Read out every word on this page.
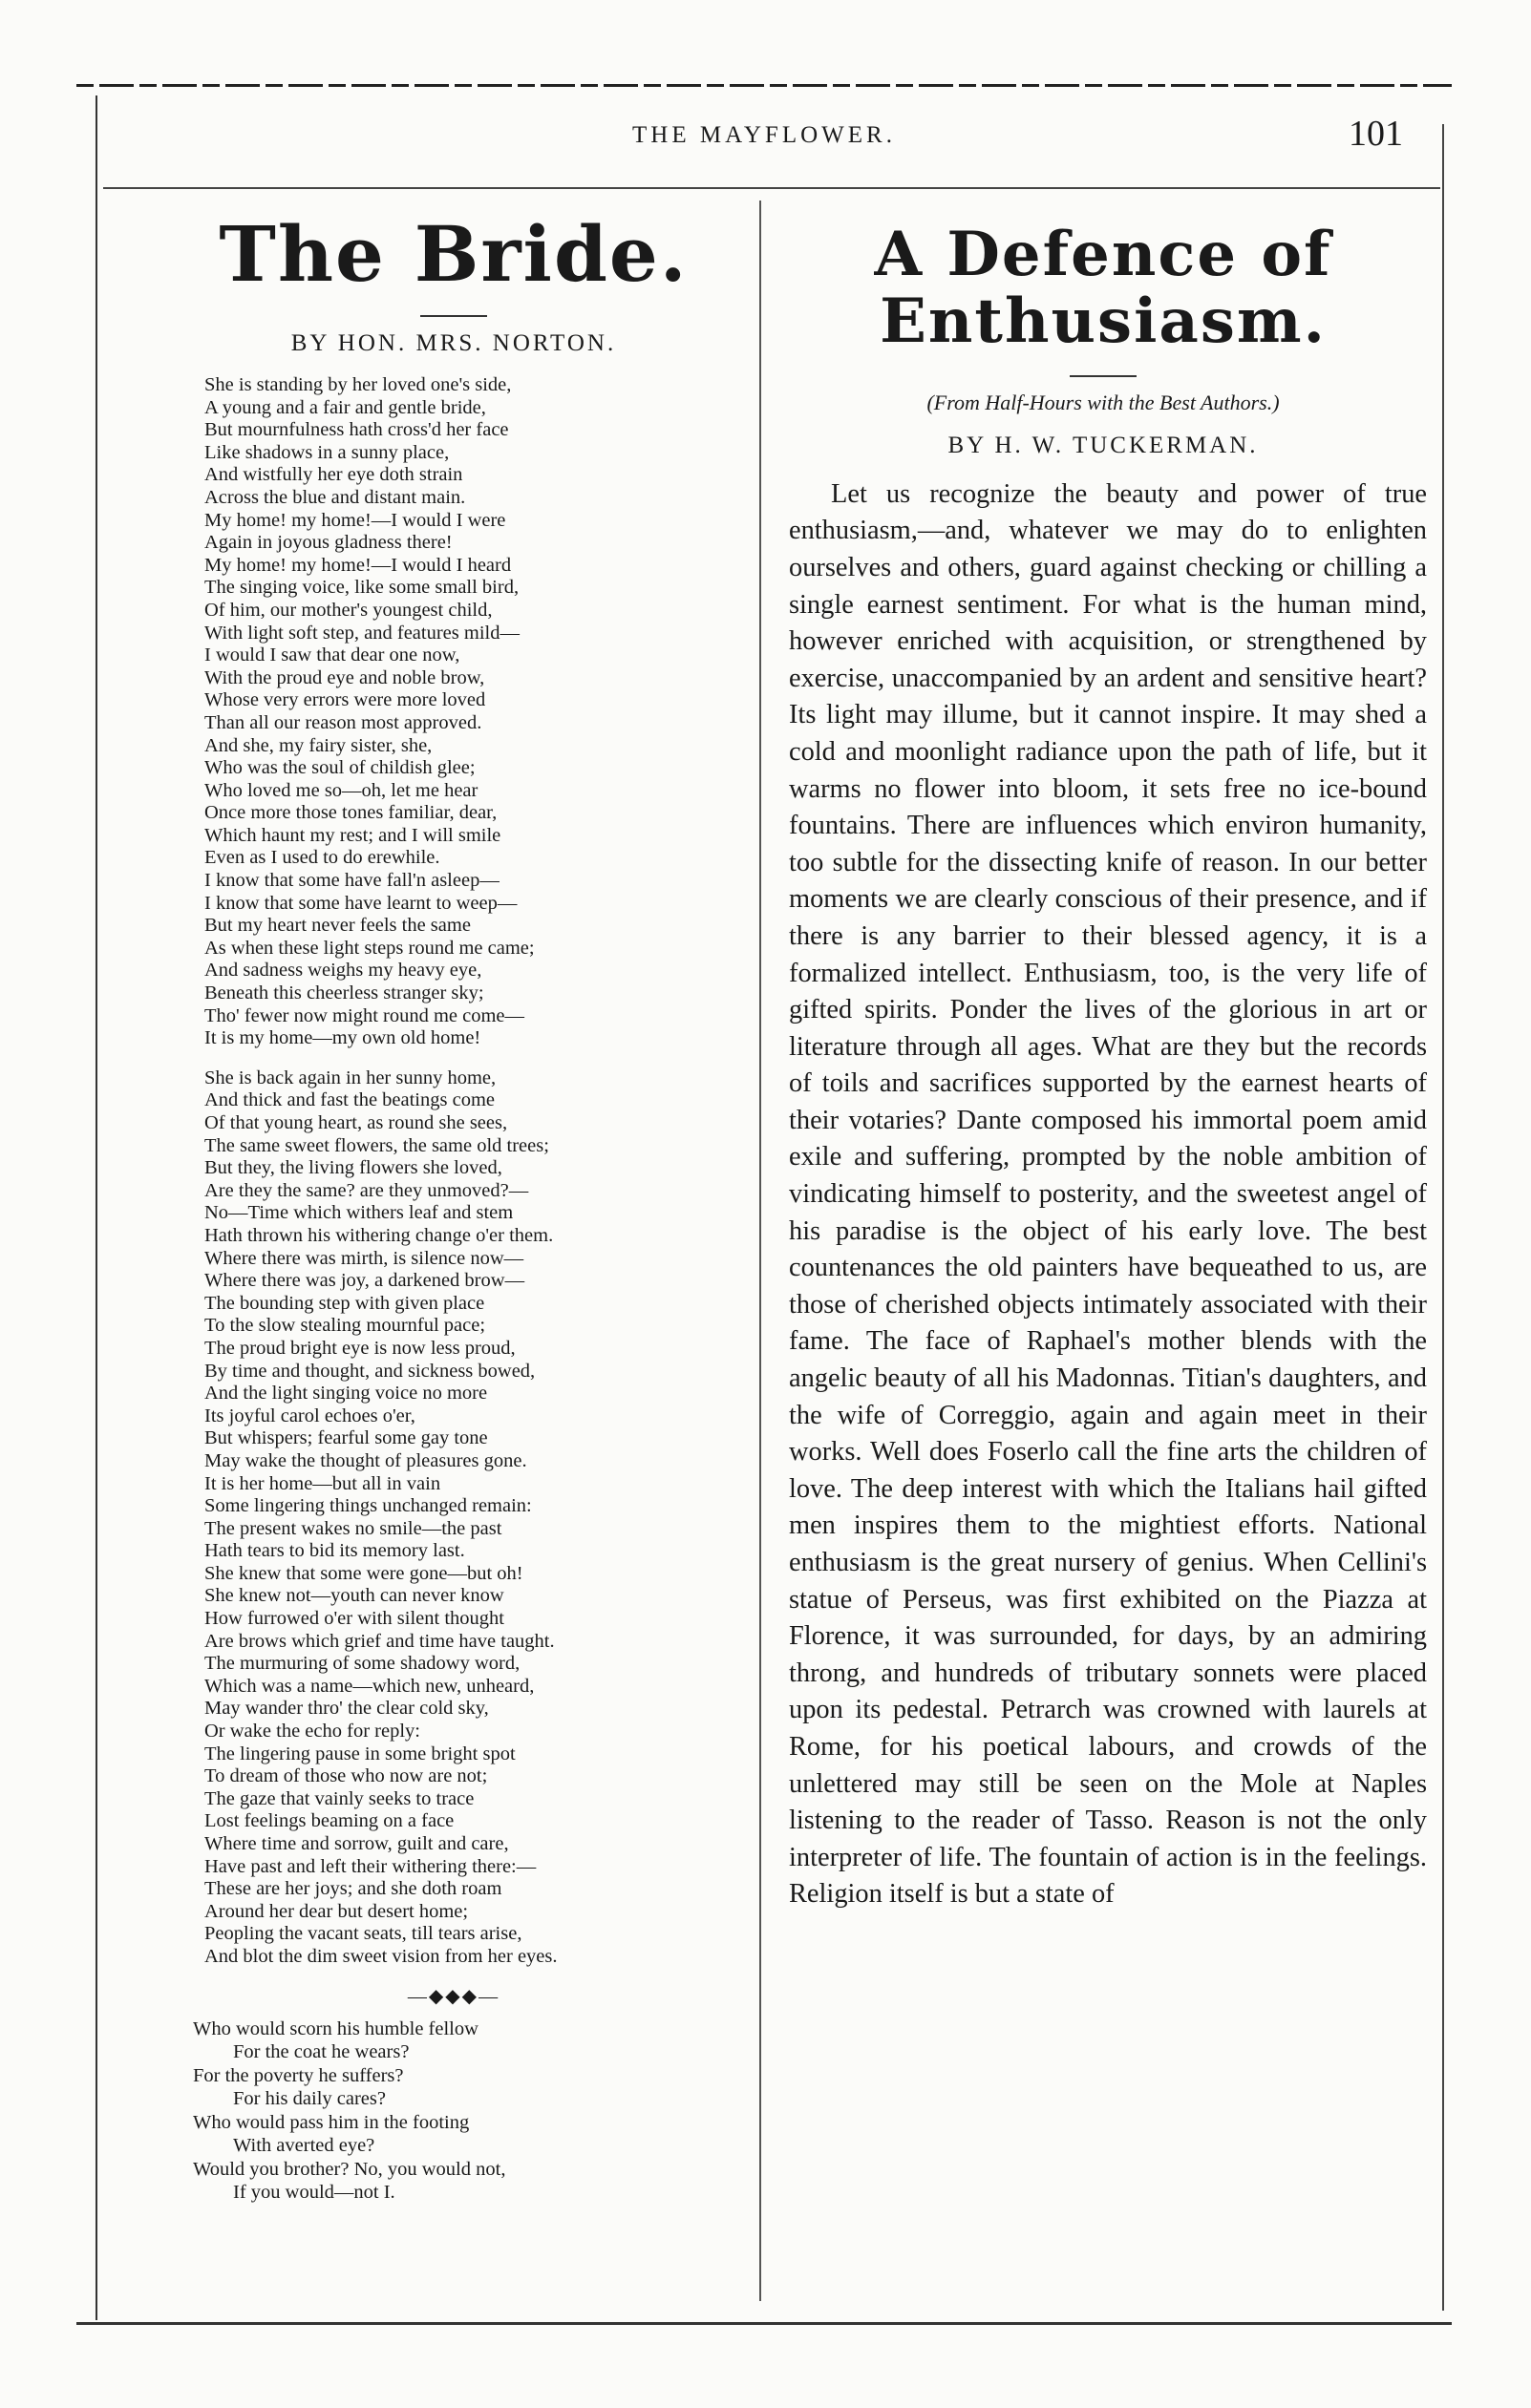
THE MAYFLOWER.	101
The Bride.
BY HON. MRS. NORTON.
She is standing by her loved one's side,
A young and a fair and gentle bride,
But mournfulness hath cross'd her face
Like shadows in a sunny place,
And wistfully her eye doth strain
Across the blue and distant main.
My home! my home!—I would I were
Again in joyous gladness there!
My home! my home!—I would I heard
The singing voice, like some small bird,
Of him, our mother's youngest child,
With light soft step, and features mild—
I would I saw that dear one now,
With the proud eye and noble brow,
Whose very errors were more loved
Than all our reason most approved.
And she, my fairy sister, she,
Who was the soul of childish glee;
Who loved me so—oh, let me hear
Once more those tones familiar, dear,
Which haunt my rest; and I will smile
Even as I used to do erewhile.
I know that some have fall'n asleep—
I know that some have learnt to weep—
But my heart never feels the same
As when these light steps round me came;
And sadness weighs my heavy eye,
Beneath this cheerless stranger sky;
Tho' fewer now might round me come—
It is my home—my own old home!
She is back again in her sunny home,
And thick and fast the beatings come
Of that young heart, as round she sees,
The same sweet flowers, the same old trees;
But they, the living flowers she loved,
Are they the same? are they unmoved?—
No—Time which withers leaf and stem
Hath thrown his withering change o'er them.
Where there was mirth, is silence now—
Where there was joy, a darkened brow—
The bounding step with given place
To the slow stealing mournful pace;
The proud bright eye is now less proud,
By time and thought, and sickness bowed,
And the light singing voice no more
Its joyful carol echoes o'er,
But whispers; fearful some gay tone
May wake the thought of pleasures gone.
It is her home—but all in vain
Some lingering things unchanged remain:
The present wakes no smile—the past
Hath tears to bid its memory last.
She knew that some were gone—but oh!
She knew not—youth can never know
How furrowed o'er with silent thought
Are brows which grief and time have taught.
The murmuring of some shadowy word,
Which was a name—which new, unheard,
May wander thro' the clear cold sky,
Or wake the echo for reply:
The lingering pause in some bright spot
To dream of those who now are not;
The gaze that vainly seeks to trace
Lost feelings beaming on a face
Where time and sorrow, guilt and care,
Have past and left their withering there:—
These are her joys; and she doth roam
Around her dear but desert home;
Peopling the vacant seats, till tears arise,
And blot the dim sweet vision from her eyes.
—◆◆◆—
Who would scorn his humble fellow
For the coat he wears?
For the poverty he suffers?
For his daily cares?
Who would pass him in the footing
With averted eye?
Would you brother? No, you would not,
If you would—not I.
A Defence of Enthusiasm.
(From Half-Hours with the Best Authors.)
BY H. W. TUCKERMAN.

Let us recognize the beauty and power of true enthusiasm,—and, whatever we may do to enlighten ourselves and others, guard against checking or chilling a single earnest sentiment. For what is the human mind, however enriched with acquisition, or strengthened by exercise, unaccompanied by an ardent and sensitive heart? Its light may illume, but it cannot inspire. It may shed a cold and moonlight radiance upon the path of life, but it warms no flower into bloom, it sets free no ice-bound fountains. There are influences which environ humanity, too subtle for the dissecting knife of reason. In our better moments we are clearly conscious of their presence, and if there is any barrier to their blessed agency, it is a formalized intellect. Enthusiasm, too, is the very life of gifted spirits. Ponder the lives of the glorious in art or literature through all ages. What are they but the records of toils and sacrifices supported by the earnest hearts of their votaries? Dante composed his immortal poem amid exile and suffering, prompted by the noble ambition of vindicating himself to posterity, and the sweetest angel of his paradise is the object of his early love. The best countenances the old painters have bequeathed to us, are those of cherished objects intimately associated with their fame. The face of Raphael's mother blends with the angelic beauty of all his Madonnas. Titian's daughters, and the wife of Correggio, again and again meet in their works. Well does Foserlo call the fine arts the children of love. The deep interest with which the Italians hail gifted men inspires them to the mightiest efforts. National enthusiasm is the great nursery of genius. When Cellini's statue of Perseus, was first exhibited on the Piazza at Florence, it was surrounded, for days, by an admiring throng, and hundreds of tributary sonnets were placed upon its pedestal. Petrarch was crowned with laurels at Rome, for his poetical labours, and crowds of the unlettered may still be seen on the Mole at Naples listening to the reader of Tasso. Reason is not the only interpreter of life. The fountain of action is in the feelings. Religion itself is but a state of
